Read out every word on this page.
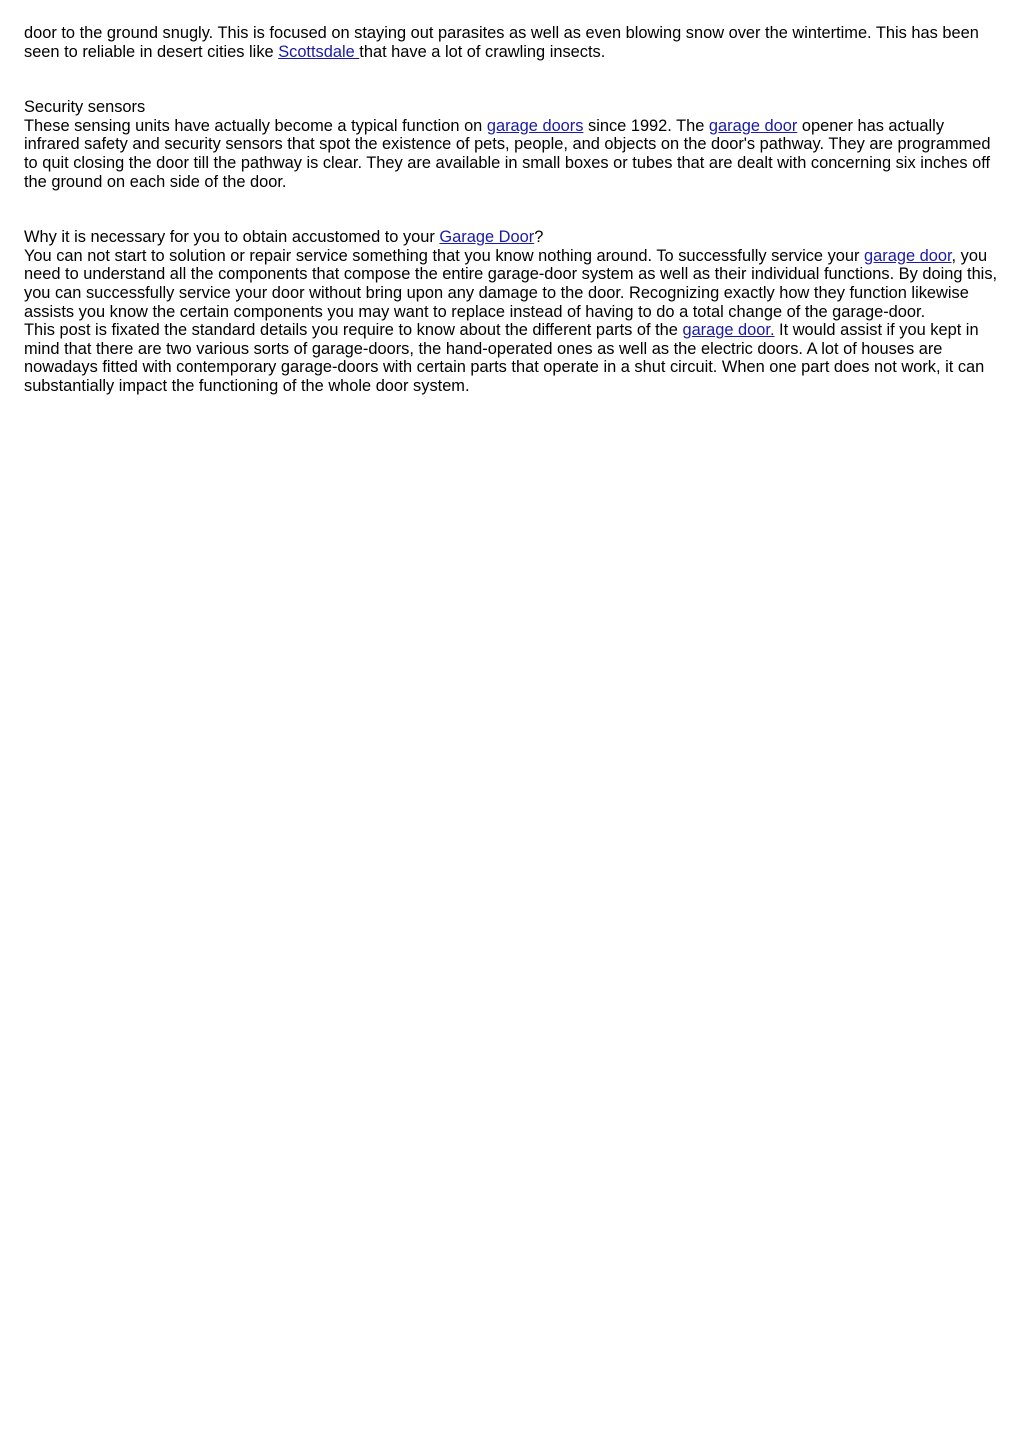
door to the ground snugly. This is focused on staying out parasites as well as even blowing snow over the wintertime. This has been seen to reliable in desert cities like Scottsdale that have a lot of crawling insects.

Security sensors

These sensing units have actually become a typical function on garage doors since 1992. The garage door opener has actually infrared safety and security sensors that spot the existence of pets, people, and objects on the door's pathway. They are programmed to quit closing the door till the pathway is clear. They are available in small boxes or tubes that are dealt with concerning six inches off the ground on each side of the door.

Why it is necessary for you to obtain accustomed to your Garage Door?

You can not start to solution or repair service something that you know nothing around. To successfully service your garage door, you need to understand all the components that compose the entire garage-door system as well as their individual functions. By doing this, you can successfully service your door without bring upon any damage to the door. Recognizing exactly how they function likewise assists you know the certain components you may want to replace instead of having to do a total change of the garage-door.

This post is fixated the standard details you require to know about the different parts of the garage door. It would assist if you kept in mind that there are two various sorts of garage-doors, the hand-operated ones as well as the electric doors. A lot of houses are nowadays fitted with contemporary garage-doors with certain parts that operate in a shut circuit. When one part does not work, it can substantially impact the functioning of the whole door system.
